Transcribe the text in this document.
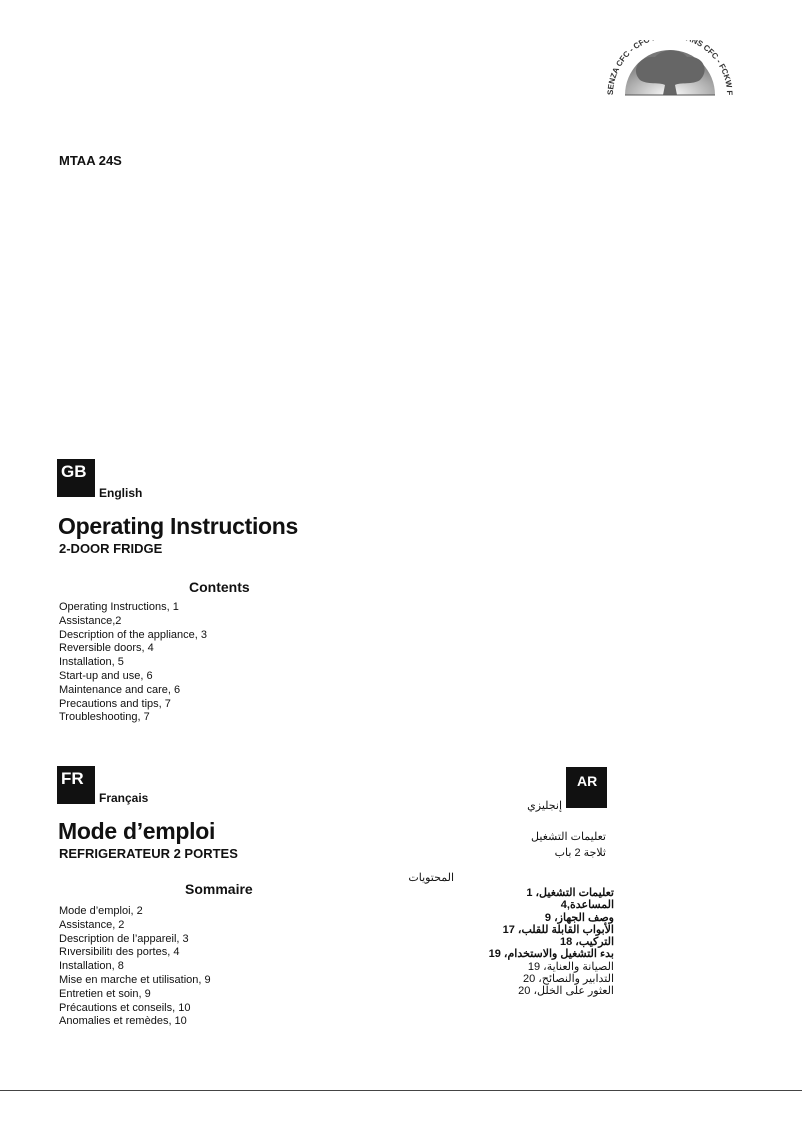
SENZA CFC - CFC NS CFC - FCKW F
MTAA 24S
GB
English
Operating Instructions
2-DOOR FRIDGE
Contents
Operating Instructions, 1
Assistance,2
Description of the appliance, 3
Reversible doors, 4
Installation, 5
Start-up and use, 6
Maintenance and care, 6
Precautions and tips, 7
Troubleshooting, 7
FR
Français
Mode d’emploi
REFRIGERATEUR 2 PORTES
Sommaire
Mode d’emploi, 2
Assistance, 2
Description de l’appareil, 3
Rıversibilitı des portes, 4
Installation, 8
Mise en marche et utilisation, 9
Entretien et soin, 9
Précautions et conseils, 10
Anomalies et remèdes, 10
AR
إنجليزي
تعليمات التشغيل
ثلاجة 2 باب
المحتويات
تعليمات التشغيل، 1
المساعدة,4
وصف الجهاز، 9
الأبواب القابلة للقلب، 17
التركيب، 18
بدء التشغيل والاستخدام، 19
الصيانة والعناية، 19
التدابير والنصائح، 20
العثور على الخلل، 20
